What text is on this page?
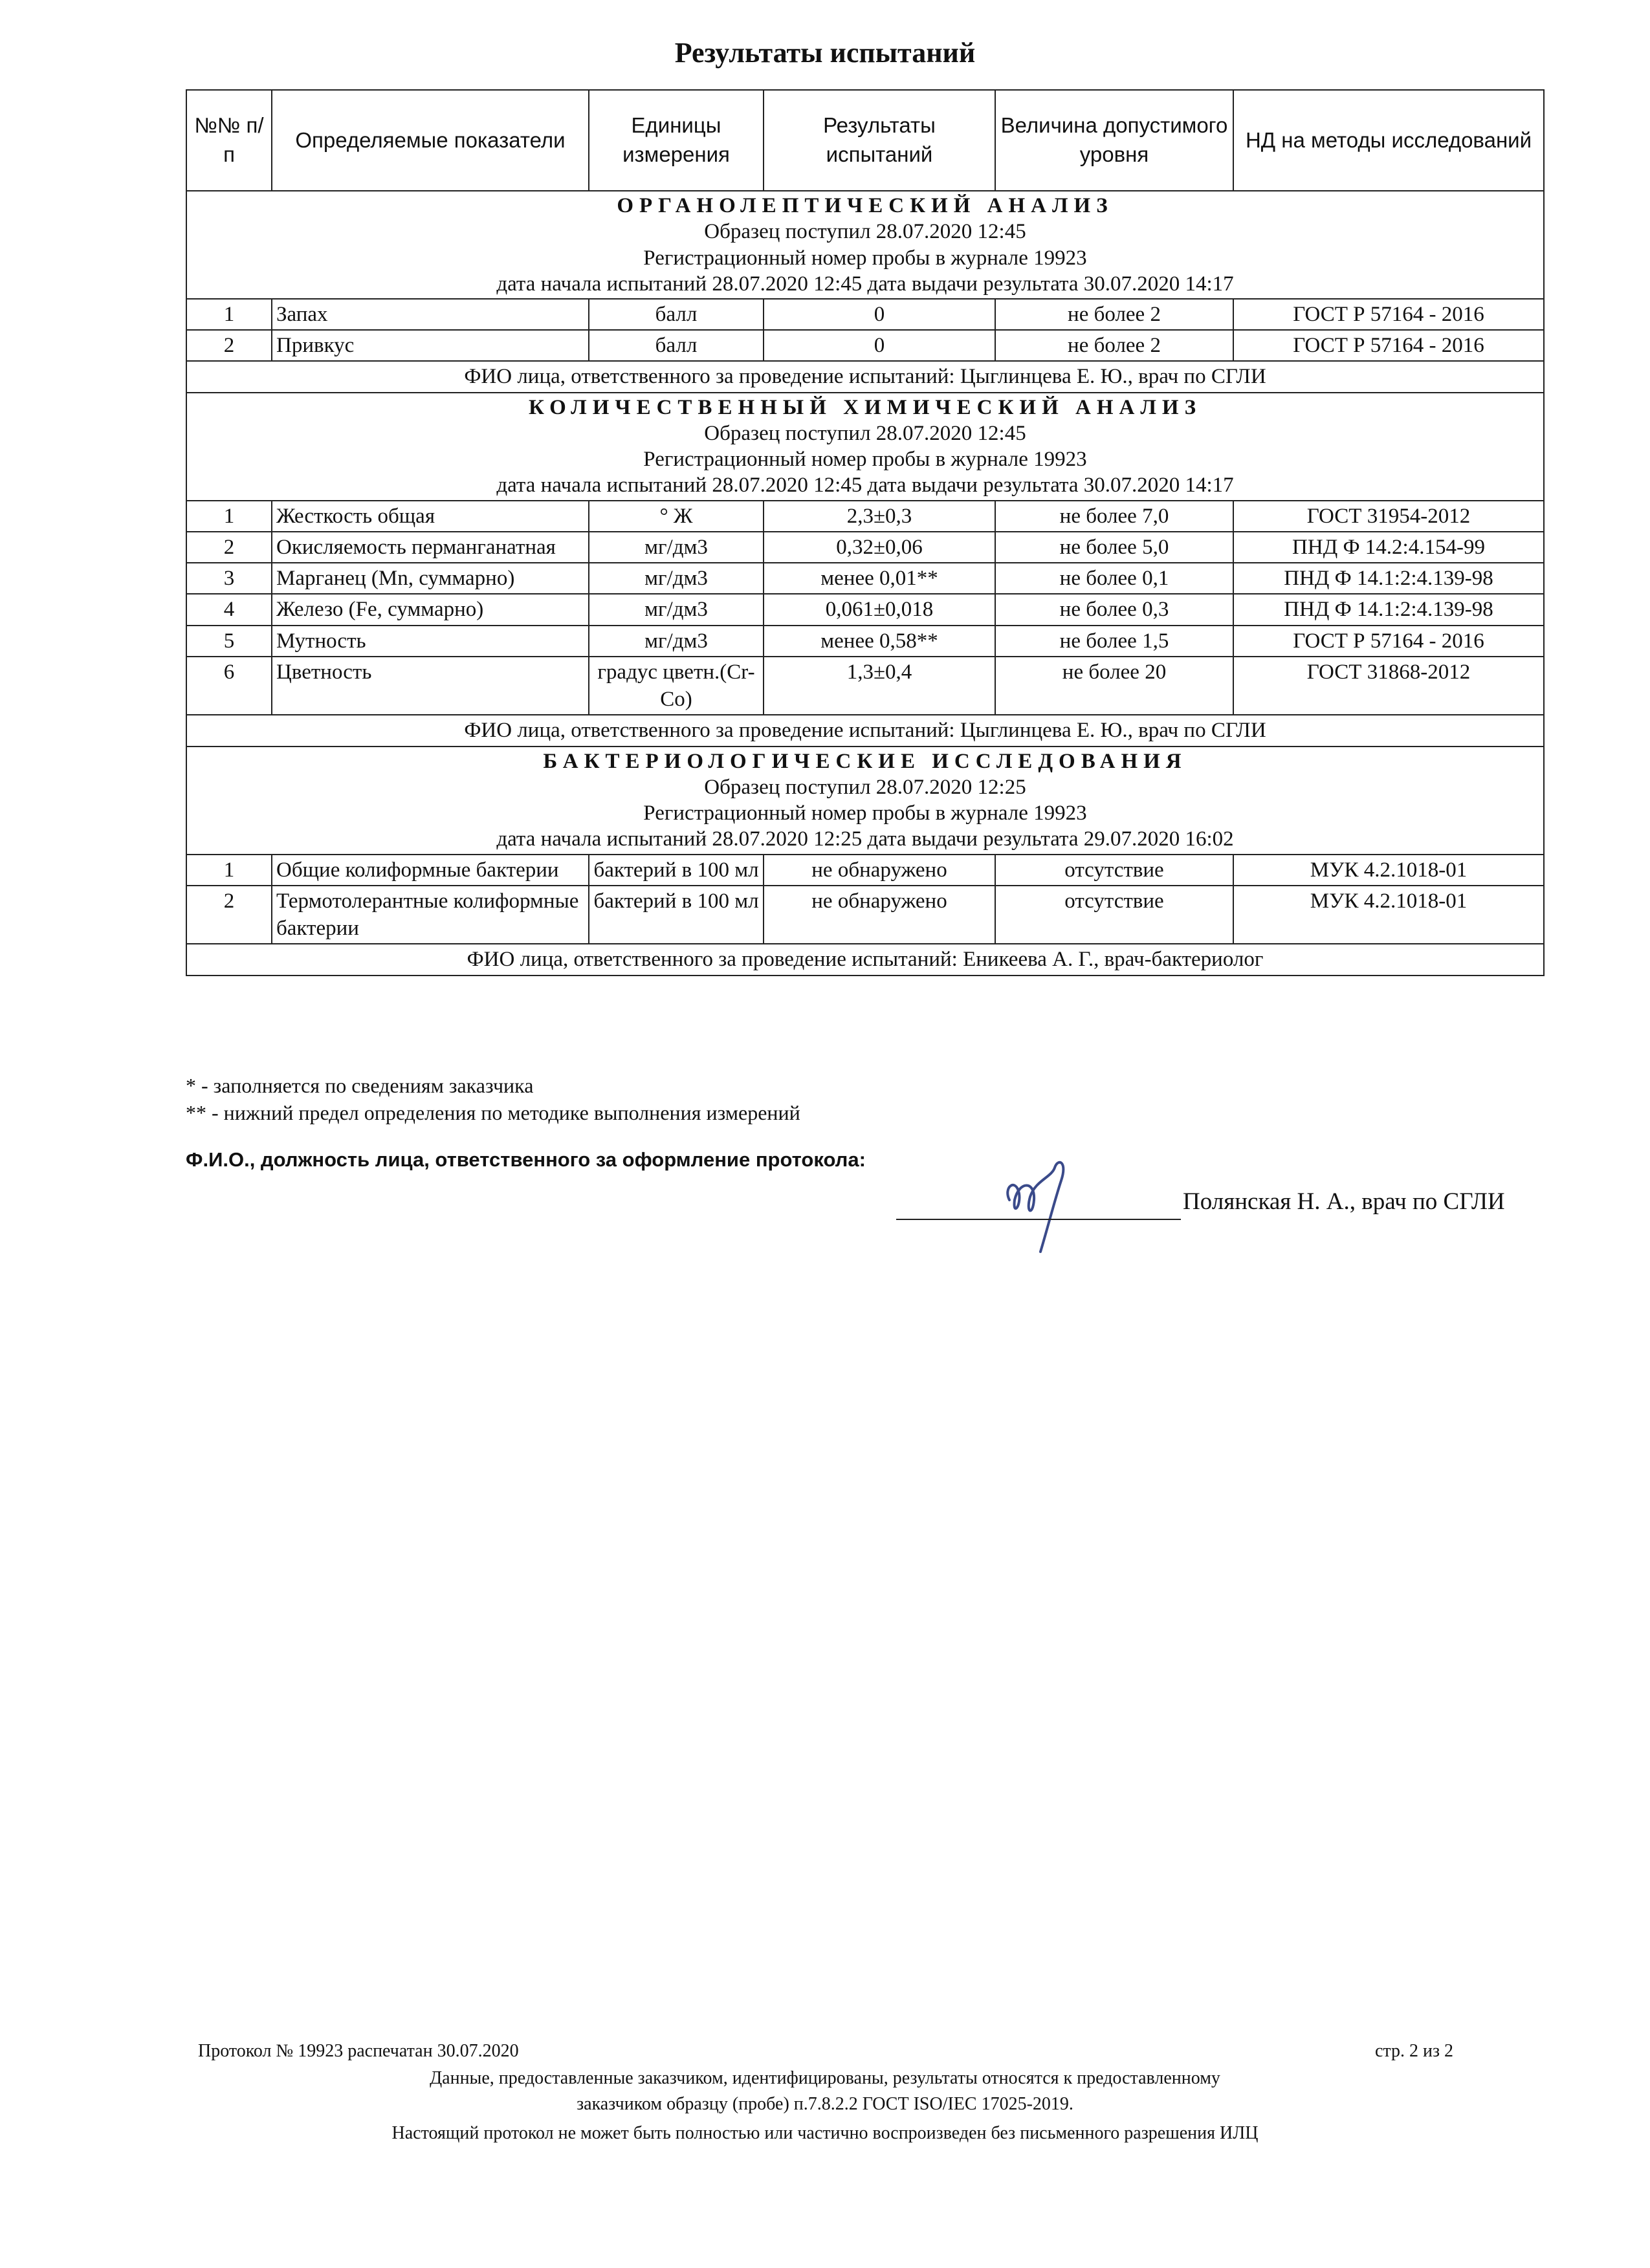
Результаты испытаний
№№ п/п	Определяемые показатели	Единицы измерения	Результаты испытаний	Величина допустимого уровня	НД на методы исследований

ОРГАНОЛЕПТИЧЕСКИЙ АНАЛИЗ
Образец поступил 28.07.2020 12:45
Регистрационный номер пробы в журнале 19923
дата начала испытаний 28.07.2020 12:45 дата выдачи результата 30.07.2020 14:17					

1	Запах	балл	0	не более 2	ГОСТ Р 57164 - 2016
2	Привкус	балл	0	не более 2	ГОСТ Р 57164 - 2016
ФИО лица, ответственного за проведение испытаний: Цыглинцева Е. Ю., врач по СГЛИ					

КОЛИЧЕСТВЕННЫЙ ХИМИЧЕСКИЙ АНАЛИЗ
Образец поступил 28.07.2020 12:45
Регистрационный номер пробы в журнале 19923
дата начала испытаний 28.07.2020 12:45 дата выдачи результата 30.07.2020 14:17					

1	Жесткость общая	° Ж	2,3±0,3	не более 7,0	ГОСТ 31954-2012
2	Окисляемость перманганатная	мг/дм3	0,32±0,06	не более 5,0	ПНД Ф 14.2:4.154-99
3	Марганец (Mn, суммарно)	мг/дм3	менее 0,01**	не более 0,1	ПНД Ф 14.1:2:4.139-98
4	Железо (Fe, суммарно)	мг/дм3	0,061±0,018	не более 0,3	ПНД Ф 14.1:2:4.139-98
5	Мутность	мг/дм3	менее 0,58**	не более 1,5	ГОСТ Р 57164 - 2016
6	Цветность	градус цветн.(Cr-Co)	1,3±0,4	не более 20	ГОСТ 31868-2012
ФИО лица, ответственного за проведение испытаний: Цыглинцева Е. Ю., врач по СГЛИ					

БАКТЕРИОЛОГИЧЕСКИЕ ИССЛЕДОВАНИЯ
Образец поступил 28.07.2020 12:25
Регистрационный номер пробы в журнале 19923
дата начала испытаний 28.07.2020 12:25 дата выдачи результата 29.07.2020 16:02					

1	Общие колиформные бактерии	бактерий в 100 мл	не обнаружено	отсутствие	МУК 4.2.1018-01
2	Термотолерантные колиформные бактерии	бактерий в 100 мл	не обнаружено	отсутствие	МУК 4.2.1018-01
ФИО лица, ответственного за проведение испытаний: Еникеева А. Г., врач-бактериолог					
* - заполняется по сведениям заказчика
** - нижний предел определения по методике выполнения измерений
Ф.И.О., должность лица, ответственного за оформление протокола:
Полянская Н. А., врач по СГЛИ
Протокол № 19923 распечатан 30.07.2020	стр. 2 из 2
Данные, предоставленные заказчиком, идентифицированы, результаты относятся к предоставленному
заказчиком образцу (пробе) п.7.8.2.2 ГОСТ ISO/IEC 17025-2019.
Настоящий протокол не может быть полностью или частично воспроизведен без письменного разрешения ИЛЦ
